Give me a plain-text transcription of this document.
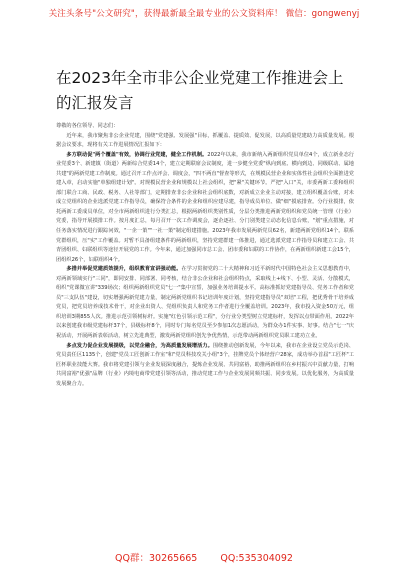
关注头条号"公文研究"，获得最新最全最专业的公文资料库！ 微信：gongwenyj
在2023年全市非公企业党建工作推进会上的汇报发言

尊敬的各位领导、同志们：

近年来，我市聚焦非公企业党建，围绕"党建强、发展强"目标，抓覆盖、提质效、促发展，以高质量党建助力高质量发展。根据会议要求，现将有关工作进展情况汇报如下：

多方联动促"两个覆盖"有效，协调行业党建，健全工作机制。2022年以来，我市新纳入两新组织党员单位4个，成立新业态行业党委3个、新建镇（街道）两新综合党委14个，建立定期联席会议制度，进一步健全党委"纵向到底、横向到边、同级联动、属地共建"的两新党建工作制度。通过召开工作点评会、调度会，"四不两直"督查等形式，在规模民营企业和实体性社会组织全面推进党建入章，启动实施"单独组建计划"。对规模民营企业和规模以上社会组织，把"紧"关键环节。严把"入口"关，市委两新工委和组织部门联合工商、民政、税务、人社等部门，定期排查非公企业和社会组织底数，对新成立企业主动对接，建立组织覆盖台账，对未成立党组织的企业选派党建工作指导员，确保符合条件的企业和组织应建尽建，指导成员单位、做"细"摸底排查。分行业摸排，依托两新工委成员单位，对全市两新组织进行分类汇总，根据两新组织类别性质，分层分类推进两新党组织和党员统一管理（行业）党委，指导开展摸排工作。按月度汇总，每月召开一次工作调度会，逐企逐社、分门别类建立动态化信息台账，"划"重点措施，对任务落实情况进行跟踪问效，"一企一策""一社一策"制定组建措施。2023年我市发展两新党员62名，新建两新党组织14个。联系党群组织，压"实"工作覆盖。对暂不具备组建条件的两新组织，坚持党建群建一体推进，通过选派党建工作指导员和建立工会、共青团组织、妇联组织等途径开展党的工作。今年来，通过加强同市总工会、团市委和妇联的工作协作，在两新组织新建工会15个，团组织26个，妇联组织4个。

多措并举促党建质效提升，组织教育宣讲强动能。在学习贯彻党的二十大精神和习近平新时代中国特色社会主义思想教育中，对两新领域实行"三同"，即同安排、同部署、同考核，结合非公企业和社会组织特点，采取线上+线下、小型、灵活、分散模式，组织"党课微宣讲"339场次；组织两新组织党员"七一"集中宣誓，加强业务培训提水平。高标准抓好党建指导员、党务工作者和党员"三支队伍"建设，切实增强两新党建力量，制定两新党组织书记培训年度计划，坚持党建指导员"双培"工程，把优秀骨干培养成党员，把党员培养成技术骨干，对企业出资人、党组织负责人和党务工作者进行全覆盖培训。2023年，我市投入资金50万元，组织培训3期855人次。推进示范引领树标杆。实施"红色引领示范工程"，分行业分类型树立党建标杆，发挥以点带面作用。2022年以来创建我市级党建标杆37个，县级标杆8个，同时专门每名党员至少参加1次志愿活动，为群众办1件实事、好事。结合"七一"庆祝活动，开展两新表彰活动，树立先进典型，激发两新党组织创先争优热情，示范带动两新组织党员职工建功立业。

多点发力促企业发展提级，以党企融合，为高质量发展增活力。围绕推动创新发展，今年以来，我市在企业设立党员示范岗、党员责任区1135个，创建"党员工匠创新工作室"和"党员科技攻关小组"3个，挂牌党员个体经营户28家，成功举办首届"工匠杯"工匠杯职业技能大赛。我市将党建引领与企业发展深度融合，提炼企业发展、共同富裕，助推两新组织在乡村振兴中贡献力量，打响共同富裕"优强"品牌（行业）内境电商带党建引领等活动，推动党建工作与企业发展同频共振、同步发展。以优化服务，为高质量发展聚合力。

QQ群：30265665 QQ:535304092
